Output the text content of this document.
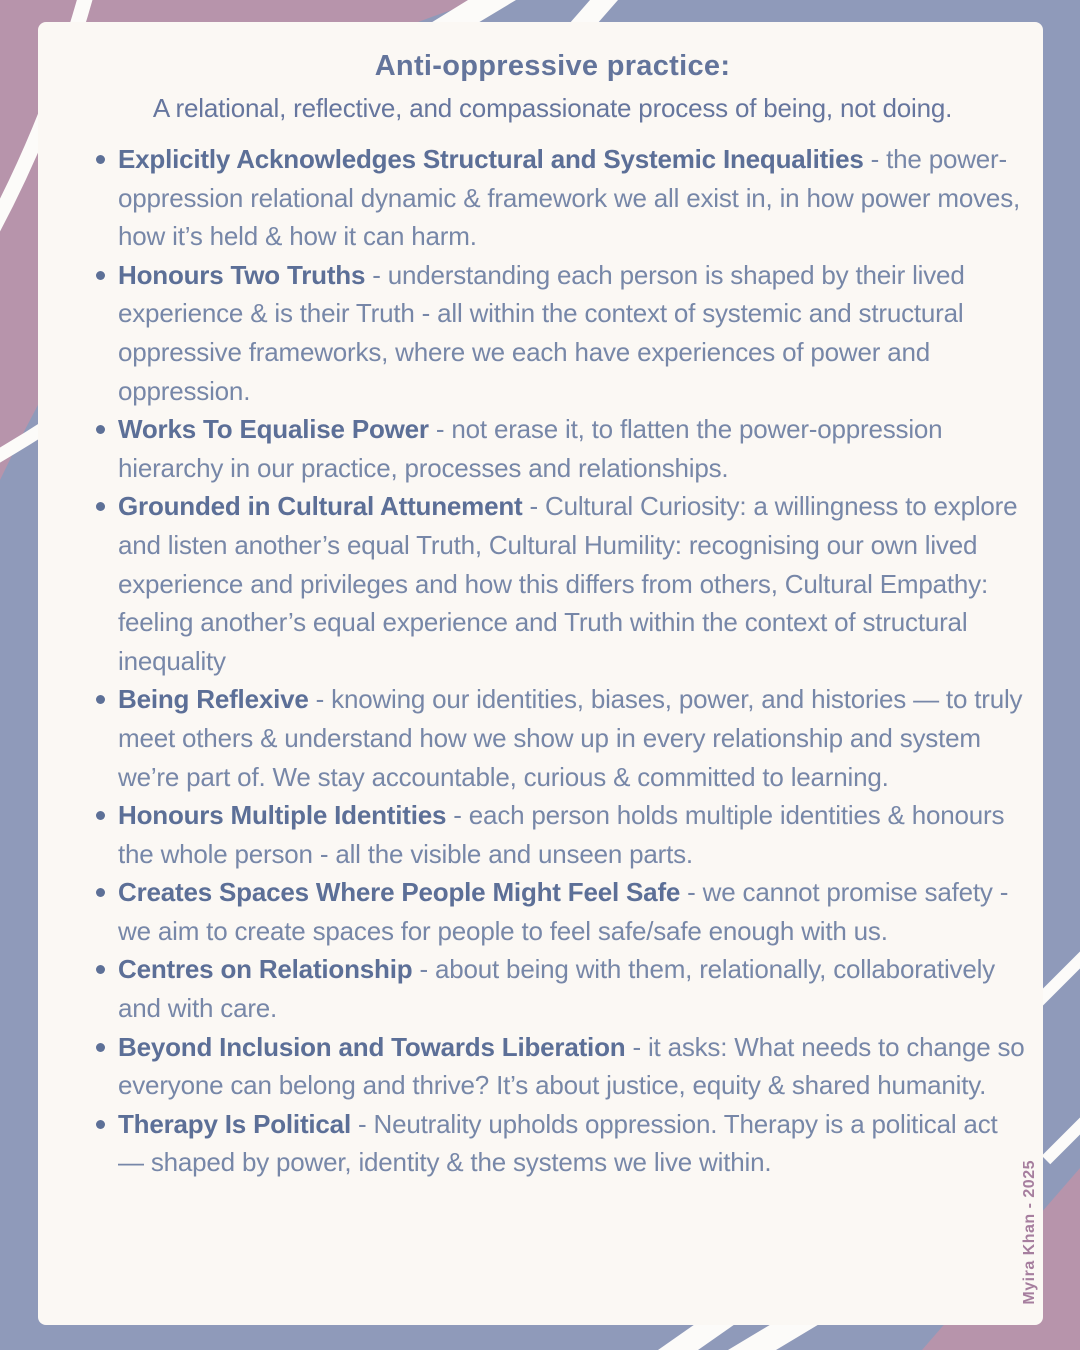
Anti-oppressive practice:
A relational, reflective, and compassionate process of being, not doing.

Explicitly Acknowledges Structural and Systemic Inequalities - the power-oppression relational dynamic & framework we all exist in, in how power moves, how it’s held & how it can harm.

Honours Two Truths - understanding each person is shaped by their lived experience & is their Truth - all within the context of systemic and structural oppressive frameworks, where we each have experiences of power and oppression.

Works To Equalise Power - not erase it, to flatten the power-oppression hierarchy in our practice, processes and relationships.

Grounded in Cultural Attunement - Cultural Curiosity: a willingness to explore and listen another’s equal Truth, Cultural Humility: recognising our own lived experience and privileges and how this differs from others, Cultural Empathy: feeling another’s equal experience and Truth within the context of structural inequality

Being Reflexive - knowing our identities, biases, power, and histories — to truly meet others & understand how we show up in every relationship and system we’re part of. We stay accountable, curious & committed to learning.

Honours Multiple Identities - each person holds multiple identities & honours the whole person - all the visible and unseen parts.

Creates Spaces Where People Might Feel Safe - we cannot promise safety - we aim to create spaces for people to feel safe/safe enough with us.

Centres on Relationship - about being with them, relationally, collaboratively and with care.

Beyond Inclusion and Towards Liberation - it asks: What needs to change so everyone can belong and thrive? It’s about justice, equity & shared humanity.

Therapy Is Political - Neutrality upholds oppression. Therapy is a political act — shaped by power, identity & the systems we live within.	Myira Khan - 2025
